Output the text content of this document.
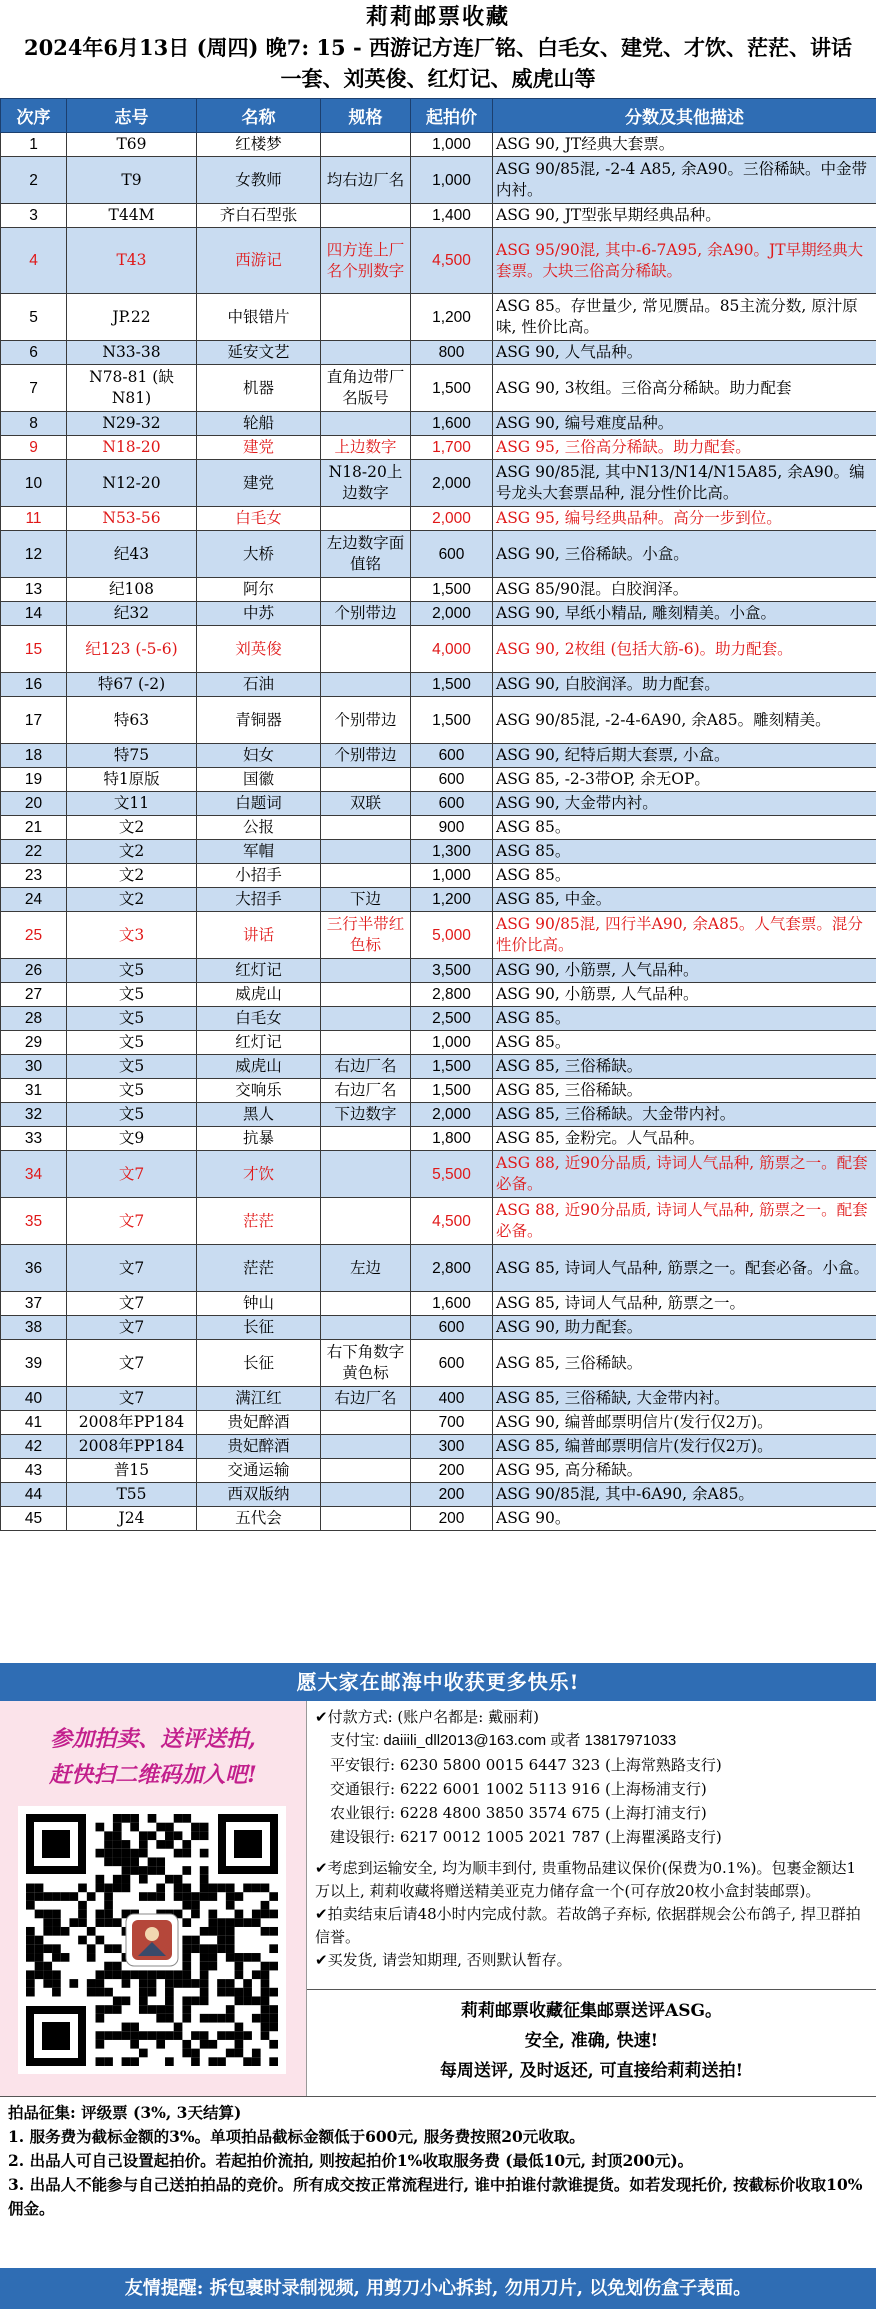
莉莉邮票收藏
2024年6月13日 (周四) 晚7: 15 - 西游记方连厂铭、白毛女、建党、才饮、茫茫、讲话
一套、刘英俊、红灯记、威虎山等
次序	志号	名称	规格	起拍价	分数及其他描述
1	T69	红楼梦		1,000	ASG 90, JT经典大套票。
2	T9	女教师	均右边厂名	1,000	ASG 90/85混, -2-4 A85, 余A90。三俗稀缺。中金带内衬。
3	T44M	齐白石型张		1,400	ASG 90, JT型张早期经典品种。
4	T43	西游记	四方连上厂名个别数字	4,500	ASG 95/90混, 其中-6-7A95, 余A90。JT早期经典大套票。大块三俗高分稀缺。
5	JP.22	中银错片		1,200	ASG 85。存世量少, 常见赝品。85主流分数, 原汁原味, 性价比高。
6	N33-38	延安文艺		800	ASG 90, 人气品种。
7	N78-81 (缺N81)	机器	直角边带厂名版号	1,500	ASG 90, 3枚组。三俗高分稀缺。助力配套
8	N29-32	轮船		1,600	ASG 90, 编号难度品种。
9	N18-20	建党	上边数字	1,700	ASG 95, 三俗高分稀缺。助力配套。
10	N12-20	建党	N18-20上边数字	2,000	ASG 90/85混, 其中N13/N14/N15A85, 余A90。编号龙头大套票品种, 混分性价比高。
11	N53-56	白毛女		2,000	ASG 95, 编号经典品种。高分一步到位。
12	纪43	大桥	左边数字面值铭	600	ASG 90, 三俗稀缺。小盒。
13	纪108	阿尔		1,500	ASG 85/90混。白胶润泽。
14	纪32	中苏	个别带边	2,000	ASG 90, 早纸小精品, 雕刻精美。小盒。
15	纪123 (-5-6)	刘英俊		4,000	ASG 90, 2枚组 (包括大筋-6)。助力配套。
16	特67 (-2)	石油		1,500	ASG 90, 白胶润泽。助力配套。
17	特63	青铜器	个别带边	1,500	ASG 90/85混, -2-4-6A90, 余A85。雕刻精美。
18	特75	妇女	个别带边	600	ASG 90, 纪特后期大套票, 小盒。
19	特1原版	国徽		600	ASG 85, -2-3带OP, 余无OP。
20	文11	白题词	双联	600	ASG 90, 大金带内衬。
21	文2	公报		900	ASG 85。
22	文2	军帽		1,300	ASG 85。
23	文2	小招手		1,000	ASG 85。
24	文2	大招手	下边	1,200	ASG 85, 中金。
25	文3	讲话	三行半带红色标	5,000	ASG 90/85混, 四行半A90, 余A85。人气套票。混分性价比高。
26	文5	红灯记		3,500	ASG 90, 小筋票, 人气品种。
27	文5	威虎山		2,800	ASG 90, 小筋票, 人气品种。
28	文5	白毛女		2,500	ASG 85。
29	文5	红灯记		1,000	ASG 85。
30	文5	威虎山	右边厂名	1,500	ASG 85, 三俗稀缺。
31	文5	交响乐	右边厂名	1,500	ASG 85, 三俗稀缺。
32	文5	黑人	下边数字	2,000	ASG 85, 三俗稀缺。大金带内衬。
33	文9	抗暴		1,800	ASG 85, 金粉完。人气品种。
34	文7	才饮		5,500	ASG 88, 近90分品质, 诗词人气品种, 筋票之一。配套必备。
35	文7	茫茫		4,500	ASG 88, 近90分品质, 诗词人气品种, 筋票之一。配套必备。
36	文7	茫茫	左边	2,800	ASG 85, 诗词人气品种, 筋票之一。配套必备。小盒。
37	文7	钟山		1,600	ASG 85, 诗词人气品种, 筋票之一。
38	文7	长征		600	ASG 90, 助力配套。
39	文7	长征	右下角数字黄色标	600	ASG 85, 三俗稀缺。
40	文7	满江红	右边厂名	400	ASG 85, 三俗稀缺, 大金带内衬。
41	2008年PP184	贵妃醉酒		700	ASG 90, 编普邮票明信片(发行仅2万)。
42	2008年PP184	贵妃醉酒		300	ASG 85, 编普邮票明信片(发行仅2万)。
43	普15	交通运输		200	ASG 95, 高分稀缺。
44	T55	西双版纳		200	ASG 90/85混, 其中-6A90, 余A85。
45	J24	五代会		200	ASG 90。
愿大家在邮海中收获更多快乐!
参加拍卖、送评送拍,
赶快扫二维码加入吧!
✔付款方式: (账户名都是: 戴丽莉)
支付宝: daiiili_dll2013@163.com 或者 13817971033
平安银行: 6230 5800 0015 6447 323 (上海常熟路支行)
交通银行: 6222 6001 1002 5113 916 (上海杨浦支行)
农业银行: 6228 4800 3850 3574 675 (上海打浦支行)
建设银行: 6217 0012 1005 2021 787 (上海瞿溪路支行)
✔考虑到运输安全, 均为顺丰到付, 贵重物品建议保价(保费为0.1%)。包裹金额达1万以上, 莉莉收藏将赠送精美亚克力储存盒一个(可存放20枚小盒封装邮票)。
✔拍卖结束后请48小时内完成付款。若故鸽子弃标, 依据群规会公布鸽子, 捍卫群拍信誉。
✔买发货, 请尝知期理, 否则默认暂存。
莉莉邮票收藏征集邮票送评ASG。
安全, 准确, 快速!
每周送评, 及时返还, 可直接给莉莉送拍!
拍品征集: 评级票 (3%, 3天结算)
1. 服务费为截标金额的3%。单项拍品截标金额低于600元, 服务费按照20元收取。
2. 出品人可自己设置起拍价。若起拍价流拍, 则按起拍价1%收取服务费 (最低10元, 封顶200元)。
3. 出品人不能参与自己送拍拍品的竞价。所有成交按正常流程进行, 谁中拍谁付款谁提货。如若发现托价, 按截标价收取10%佣金。
友情提醒: 拆包裹时录制视频, 用剪刀小心拆封, 勿用刀片, 以免划伤盒子表面。
